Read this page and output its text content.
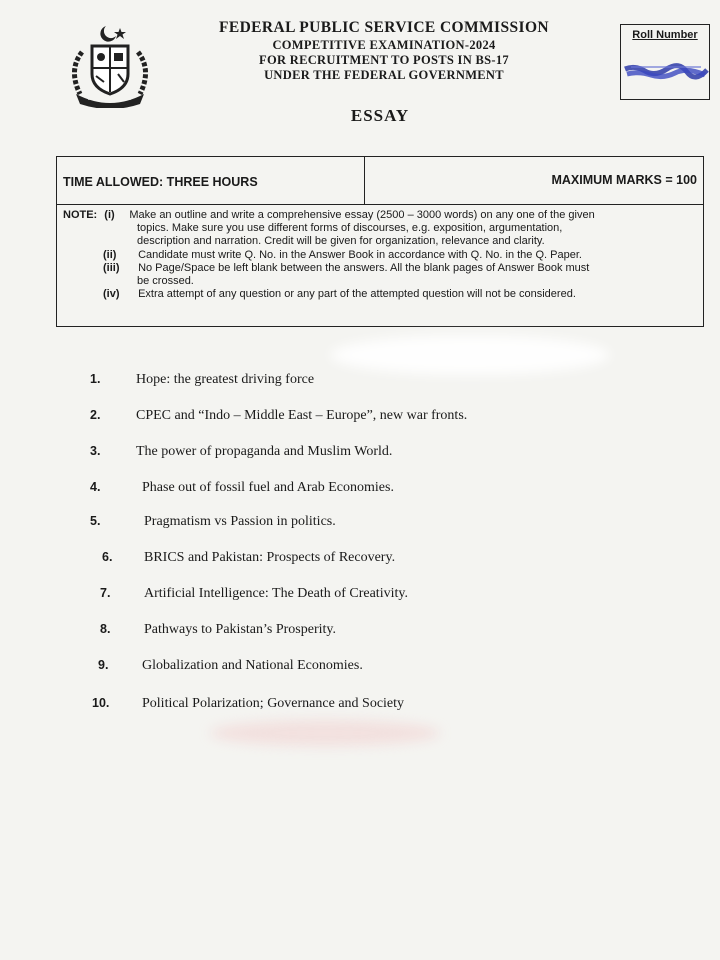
FEDERAL PUBLIC SERVICE COMMISSION
COMPETITIVE EXAMINATION-2024
FOR RECRUITMENT TO POSTS IN BS-17
UNDER THE FEDERAL GOVERNMENT
Roll Number
ESSAY
TIME ALLOWED: THREE HOURS	MAXIMUM MARKS = 100
NOTE: (i) Make an outline and write a comprehensive essay (2500 – 3000 words) on any one of the given
topics. Make sure you use different forms of discourses, e.g. exposition, argumentation,
description and narration. Credit will be given for organization, relevance and clarity.
(ii) Candidate must write Q. No. in the Answer Book in accordance with Q. No. in the Q. Paper.
(iii) No Page/Space be left blank between the answers. All the blank pages of Answer Book must
be crossed.
(iv) Extra attempt of any question or any part of the attempted question will not be considered.
1.	Hope: the greatest driving force
2.	CPEC and “Indo – Middle East – Europe”, new war fronts.
3.	The power of propaganda and Muslim World.
4.	Phase out of fossil fuel and Arab Economies.
5.	Pragmatism vs Passion in politics.
6.	BRICS and Pakistan: Prospects of Recovery.
7.	Artificial Intelligence: The Death of Creativity.
8.	Pathways to Pakistan’s Prosperity.
9.	Globalization and National Economies.
10.	Political Polarization; Governance and Society
